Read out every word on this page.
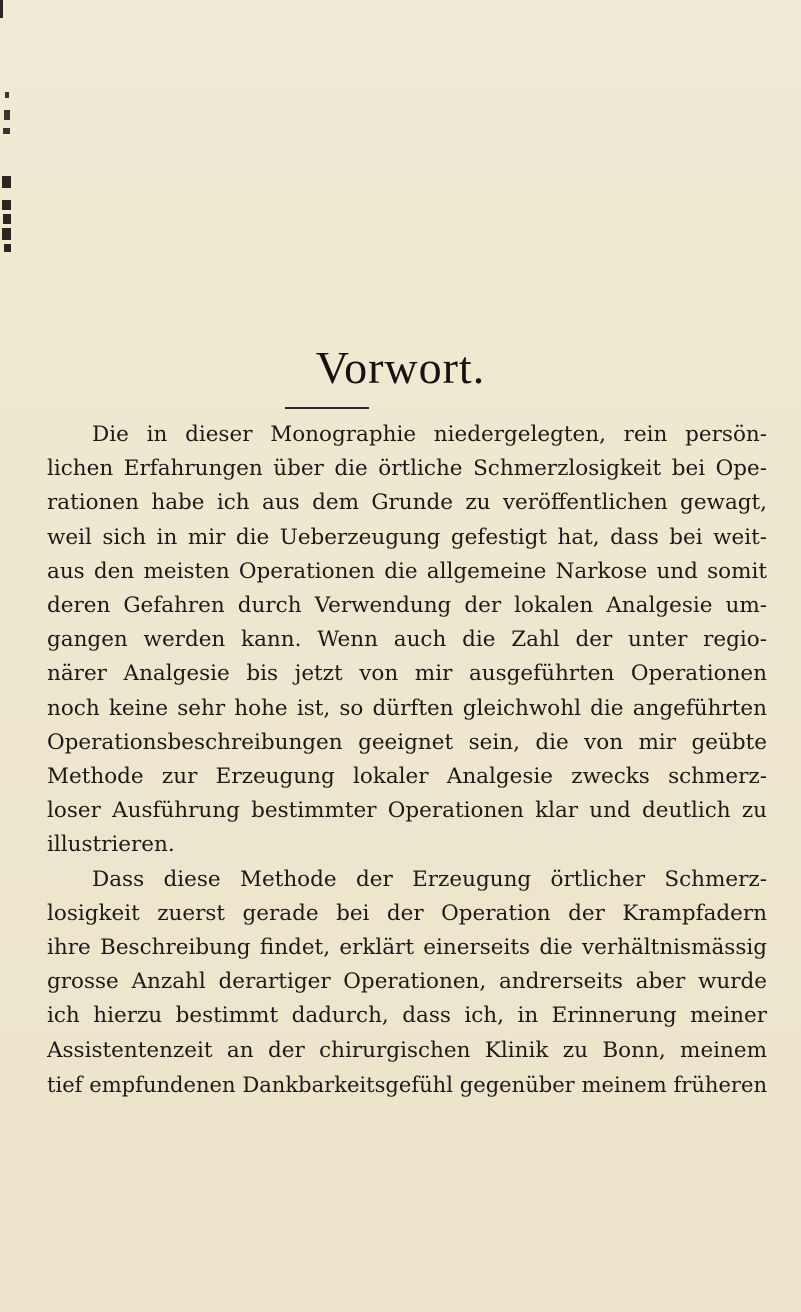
Vorwort.

Die in dieser Monographie niedergelegten, rein persön-
lichen Erfahrungen über die örtliche Schmerzlosigkeit bei Ope-
rationen habe ich aus dem Grunde zu veröffentlichen gewagt,
weil sich in mir die Ueberzeugung gefestigt hat, dass bei weit-
aus den meisten Operationen die allgemeine Narkose und somit
deren Gefahren durch Verwendung der lokalen Analgesie um-
gangen werden kann. Wenn auch die Zahl der unter regio-
närer Analgesie bis jetzt von mir ausgeführten Operationen
noch keine sehr hohe ist, so dürften gleichwohl die angeführten
Operationsbeschreibungen geeignet sein, die von mir geübte
Methode zur Erzeugung lokaler Analgesie zwecks schmerz-
loser Ausführung bestimmter Operationen klar und deutlich zu
illustrieren.

Dass diese Methode der Erzeugung örtlicher Schmerz-
losigkeit zuerst gerade bei der Operation der Krampfadern
ihre Beschreibung findet, erklärt einerseits die verhältnismässig
grosse Anzahl derartiger Operationen, andrerseits aber wurde
ich hierzu bestimmt dadurch, dass ich, in Erinnerung meiner
Assistentenzeit an der chirurgischen Klinik zu Bonn, meinem
tief empfundenen Dankbarkeitsgefühl gegenüber meinem früheren
